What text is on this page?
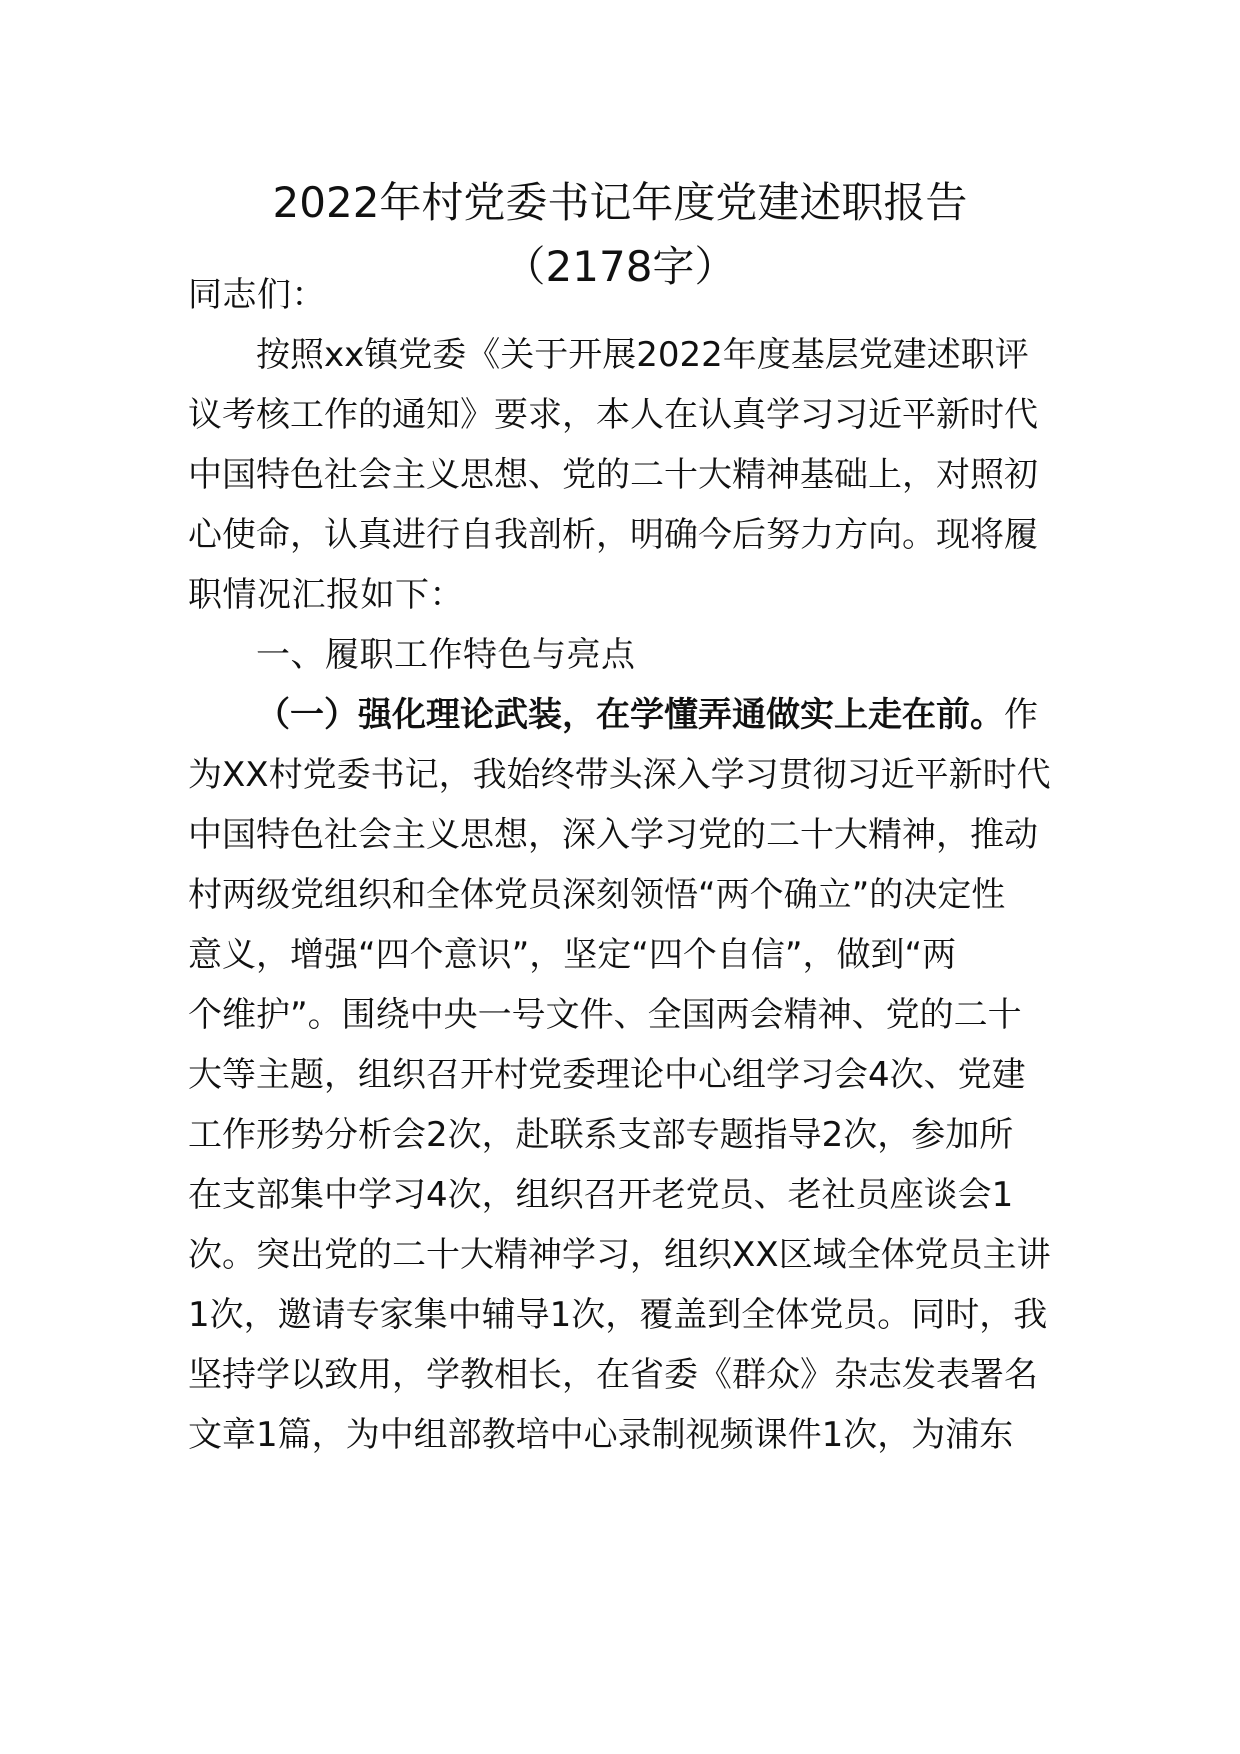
2022年村党委书记年度党建述职报告
（2178字）
同志们：
按照xx镇党委《关于开展2022年度基层党建述职评
议考核工作的通知》要求，本人在认真学习习近平新时代
中国特色社会主义思想、党的二十大精神基础上，对照初
心使命，认真进行自我剖析，明确今后努力方向。现将履
职情况汇报如下：
一、履职工作特色与亮点
（一）强化理论武装，在学懂弄通做实上走在前。作
为XX村党委书记，我始终带头深入学习贯彻习近平新时代
中国特色社会主义思想，深入学习党的二十大精神，推动
村两级党组织和全体党员深刻领悟“两个确立”的决定性
意义，增强“四个意识”，坚定“四个自信”，做到“两
个维护”。围绕中央一号文件、全国两会精神、党的二十
大等主题，组织召开村党委理论中心组学习会4次、党建
工作形势分析会2次，赴联系支部专题指导2次，参加所
在支部集中学习4次，组织召开老党员、老社员座谈会1
次。突出党的二十大精神学习，组织XX区域全体党员主讲
1次，邀请专家集中辅导1次，覆盖到全体党员。同时，我
坚持学以致用，学教相长，在省委《群众》杂志发表署名
文章1篇，为中组部教培中心录制视频课件1次，为浦东
